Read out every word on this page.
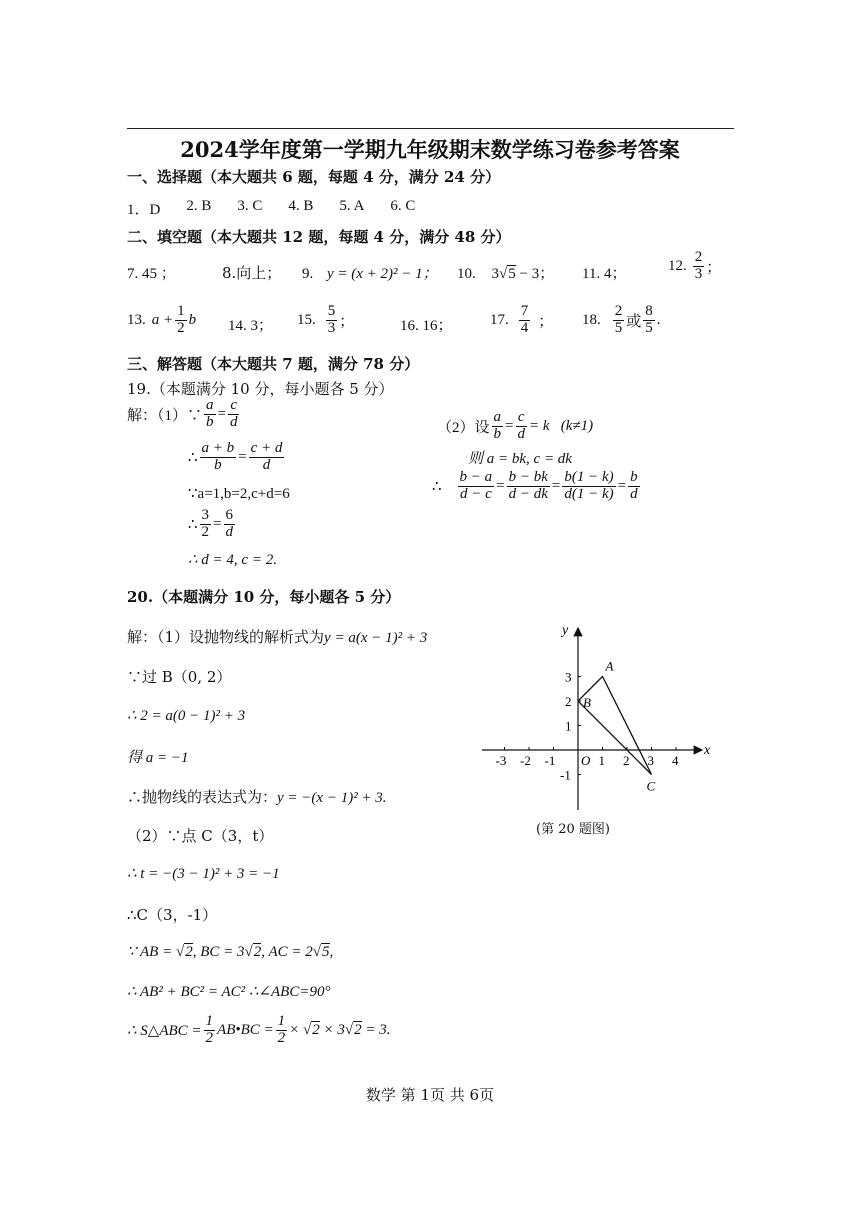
2024学年度第一学期九年级期末数学练习卷参考答案
一、选择题（本大题共 6 题，每题 4 分，满分 24 分）
1．D 2. B 3. C 4. B 5. A 6. C
二、填空题（本大题共 12 题，每题 4 分，满分 48 分）
7. 45 ；	8.向上； 9. y = (x + 2)² − 1； 10. 3√5 − 3； 11. 4；
12. $\frac{2}{3}$ ；
13. $a + \frac{1}{2}$ b 14. 3； 15. $\frac{5}{3}$ ；	16. 16； 17. $\frac{7}{4}$ ； 18. $\frac{2}{5}$ 或 $\frac{8}{5}$ .
三、解答题（本大题共 7 题，满分 78 分）
19.（本题满分 10 分，每小题各 5 分）
解：（1）∵ $\frac{a}{b} = \frac{c}{d}$
∴ $\frac{a + b}{b} = \frac{c + d}{d}$
∵a=1,b=2,c+d=6
∴ $\frac{3}{2} = \frac{6}{d}$
∴ d = 4, c = 2.
（2）设 $\frac{a}{b} = \frac{c}{d} = k$   (k≠1)
则 a = bk, c = dk
∴ $\frac{b - a}{d - c} = \frac{b - bk}{d - dk} = \frac{b(1 - k)}{d(1 - k)} = \frac{b}{d}$
20.（本题满分 10 分，每小题各 5 分）
解：（1）设抛物线的解析式为y = a(x − 1)² + 3
∵过 B（0, 2）
∴ 2 = a(0 − 1)² + 3
得 a = −1
∴抛物线的表达式为：y = −(x − 1)² + 3.
（2）∵点 C（3，t）
∴ t = −(3 − 1)² + 3 = −1
∴C（3，-1）
∵ AB = √2, BC = 3√2, AC = 2√5,
∴ AB² + BC² = AC² ∴∠ABC=90°
∴ S△ABC = $\frac{1}{2}$ AB•BC = $\frac{1}{2}$ × √ 2 × 3√ 2 = 3.
x
y
O
-3 -2 -1	1 2 3 4
3
2
1
-1
A
B
C
(第 20 题图)
数学 第 1页 共 6页
